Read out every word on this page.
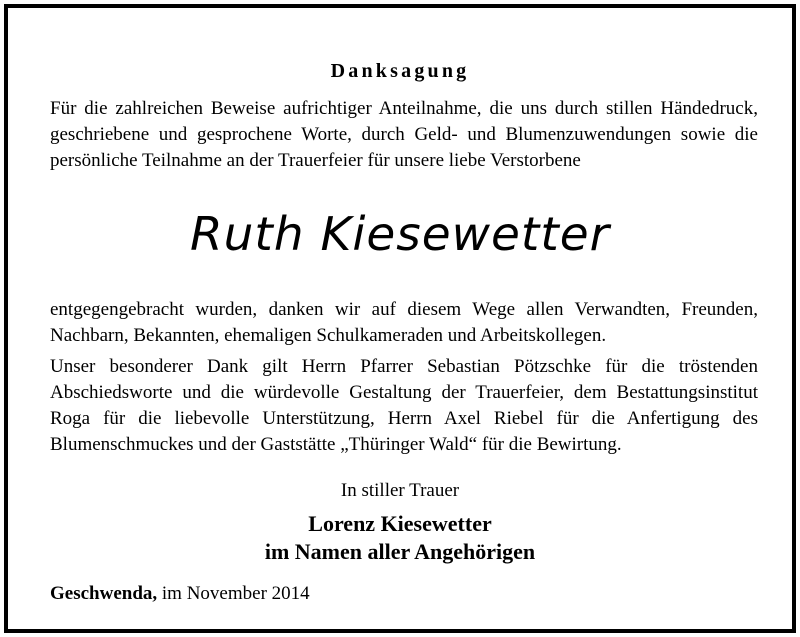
Danksagung
Für die zahlreichen Beweise aufrichtiger Anteilnahme, die uns durch stillen Händedruck, geschriebene und gesprochene Worte, durch Geld- und Blumenzuwendungen sowie die persönliche Teilnahme an der Trauerfeier für unsere liebe Verstorbene
Ruth Kiesewetter
entgegengebracht wurden, danken wir auf diesem Wege allen Verwandten, Freunden, Nachbarn, Bekannten, ehemaligen Schulkameraden und Arbeitskollegen.
Unser besonderer Dank gilt Herrn Pfarrer Sebastian Pötzschke für die tröstenden Abschiedsworte und die würdevolle Gestaltung der Trauerfeier, dem Bestattungsinstitut Roga für die liebevolle Unterstützung, Herrn Axel Riebel für die Anfertigung des Blumenschmuckes und der Gaststätte „Thüringer Wald“ für die Bewirtung.
In stiller Trauer
Lorenz Kiesewetter
im Namen aller Angehörigen
Geschwenda, im November 2014
